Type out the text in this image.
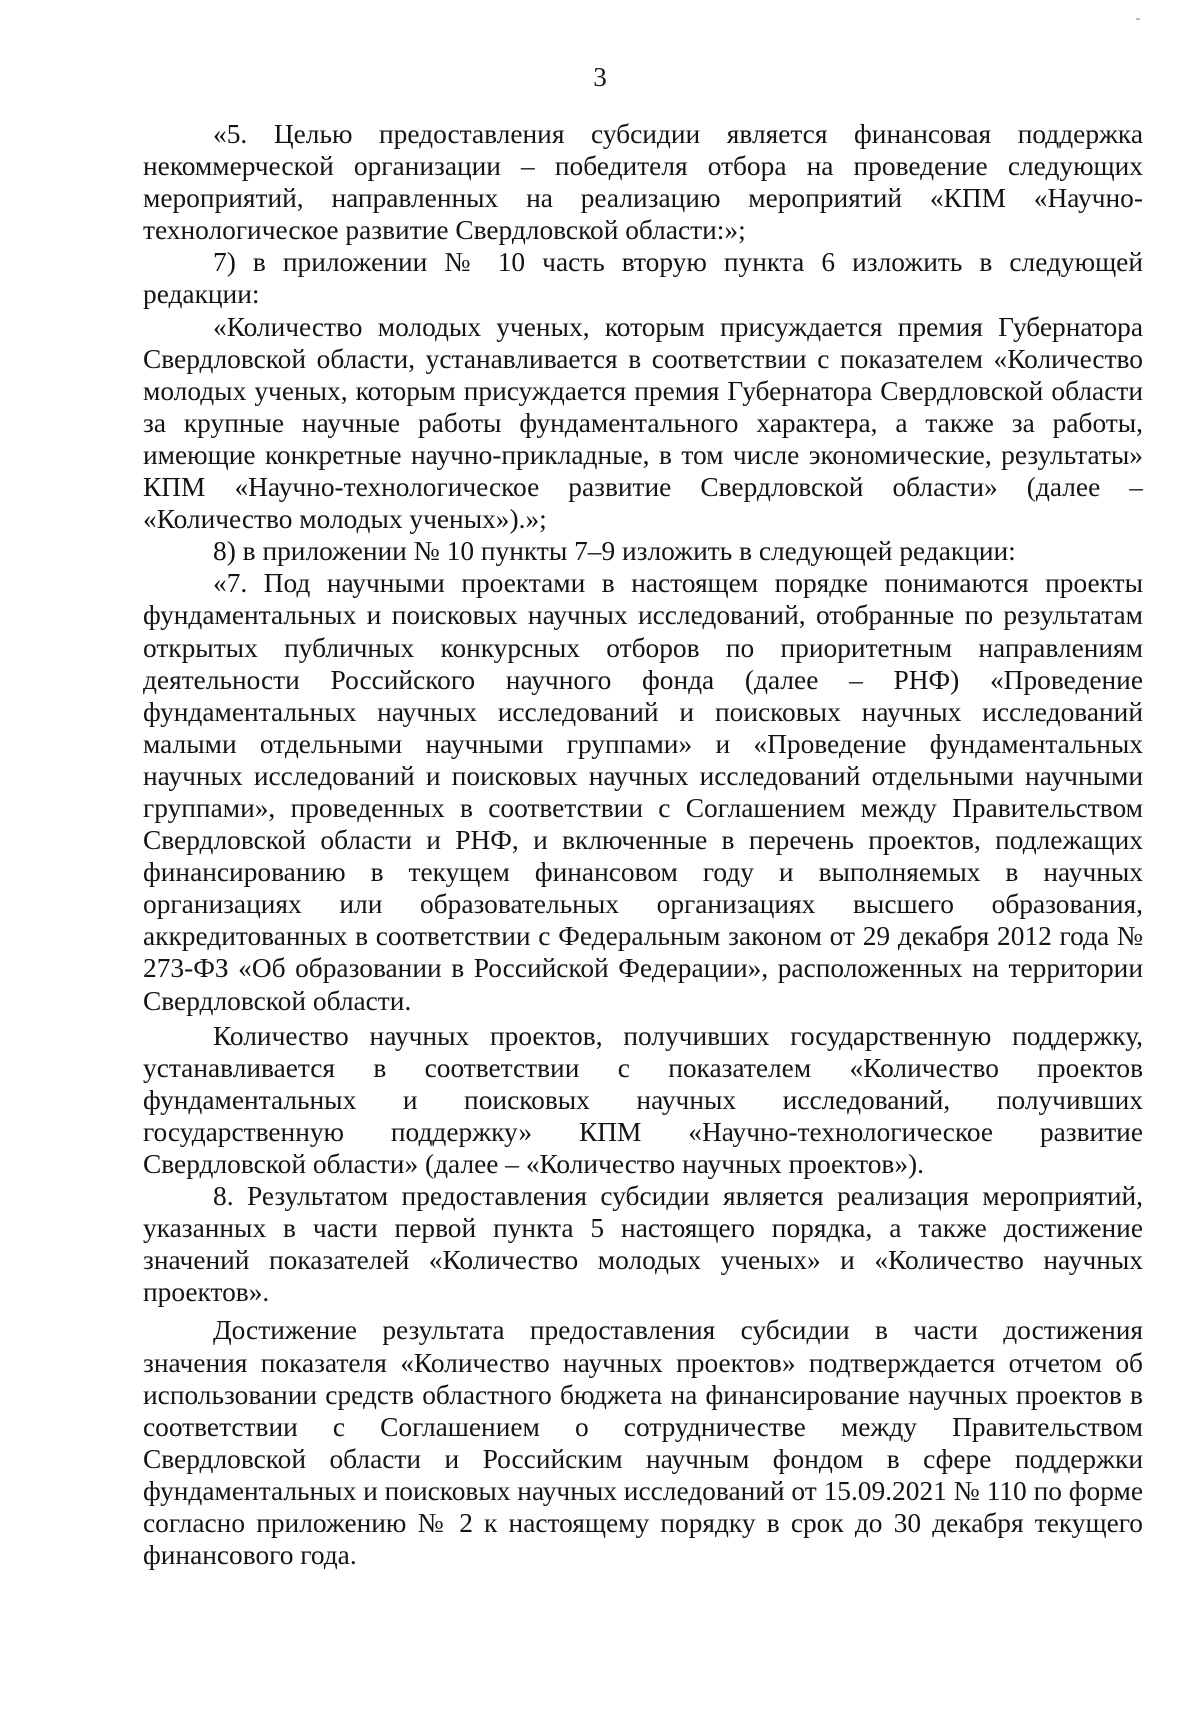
3

«5. Целью предоставления субсидии является финансовая поддержка некоммерческой организации – победителя отбора на проведение следующих мероприятий, направленных на реализацию мероприятий «КПМ «Научно-технологическое развитие Свердловской области:»;

7) в приложении № 10 часть вторую пункта 6 изложить в следующей редакции:

«Количество молодых ученых, которым присуждается премия Губернатора Свердловской области, устанавливается в соответствии с показателем «Количество молодых ученых, которым присуждается премия Губернатора Свердловской области за крупные научные работы фундаментального характера, а также за работы, имеющие конкретные научно-прикладные, в том числе экономические, результаты» КПМ «Научно-технологическое развитие Свердловской области» (далее – «Количество молодых ученых»).»;

8) в приложении № 10 пункты 7–9 изложить в следующей редакции:

«7. Под научными проектами в настоящем порядке понимаются проекты фундаментальных и поисковых научных исследований, отобранные по результатам открытых публичных конкурсных отборов по приоритетным направлениям деятельности Российского научного фонда (далее – РНФ) «Проведение фундаментальных научных исследований и поисковых научных исследований малыми отдельными научными группами» и «Проведение фундаментальных научных исследований и поисковых научных исследований отдельными научными группами», проведенных в соответствии с Соглашением между Правительством Свердловской области и РНФ, и включенные в перечень проектов, подлежащих финансированию в текущем финансовом году и выполняемых в научных организациях или образовательных организациях высшего образования, аккредитованных в соответствии с Федеральным законом от 29 декабря 2012 года № 273-ФЗ «Об образовании в Российской Федерации», расположенных на территории Свердловской области.

Количество научных проектов, получивших государственную поддержку, устанавливается в соответствии с показателем «Количество проектов фундаментальных и поисковых научных исследований, получивших государственную поддержку» КПМ «Научно-технологическое развитие Свердловской области» (далее – «Количество научных проектов»).

8. Результатом предоставления субсидии является реализация мероприятий, указанных в части первой пункта 5 настоящего порядка, а также достижение значений показателей «Количество молодых ученых» и «Количество научных проектов».

Достижение результата предоставления субсидии в части достижения значения показателя «Количество научных проектов» подтверждается отчетом об использовании средств областного бюджета на финансирование научных проектов в соответствии с Соглашением о сотрудничестве между Правительством Свердловской области и Российским научным фондом в сфере поддержки фундаментальных и поисковых научных исследований от 15.09.2021 № 110 по форме согласно приложению № 2 к настоящему порядку в срок до 30 декабря текущего финансового года.
